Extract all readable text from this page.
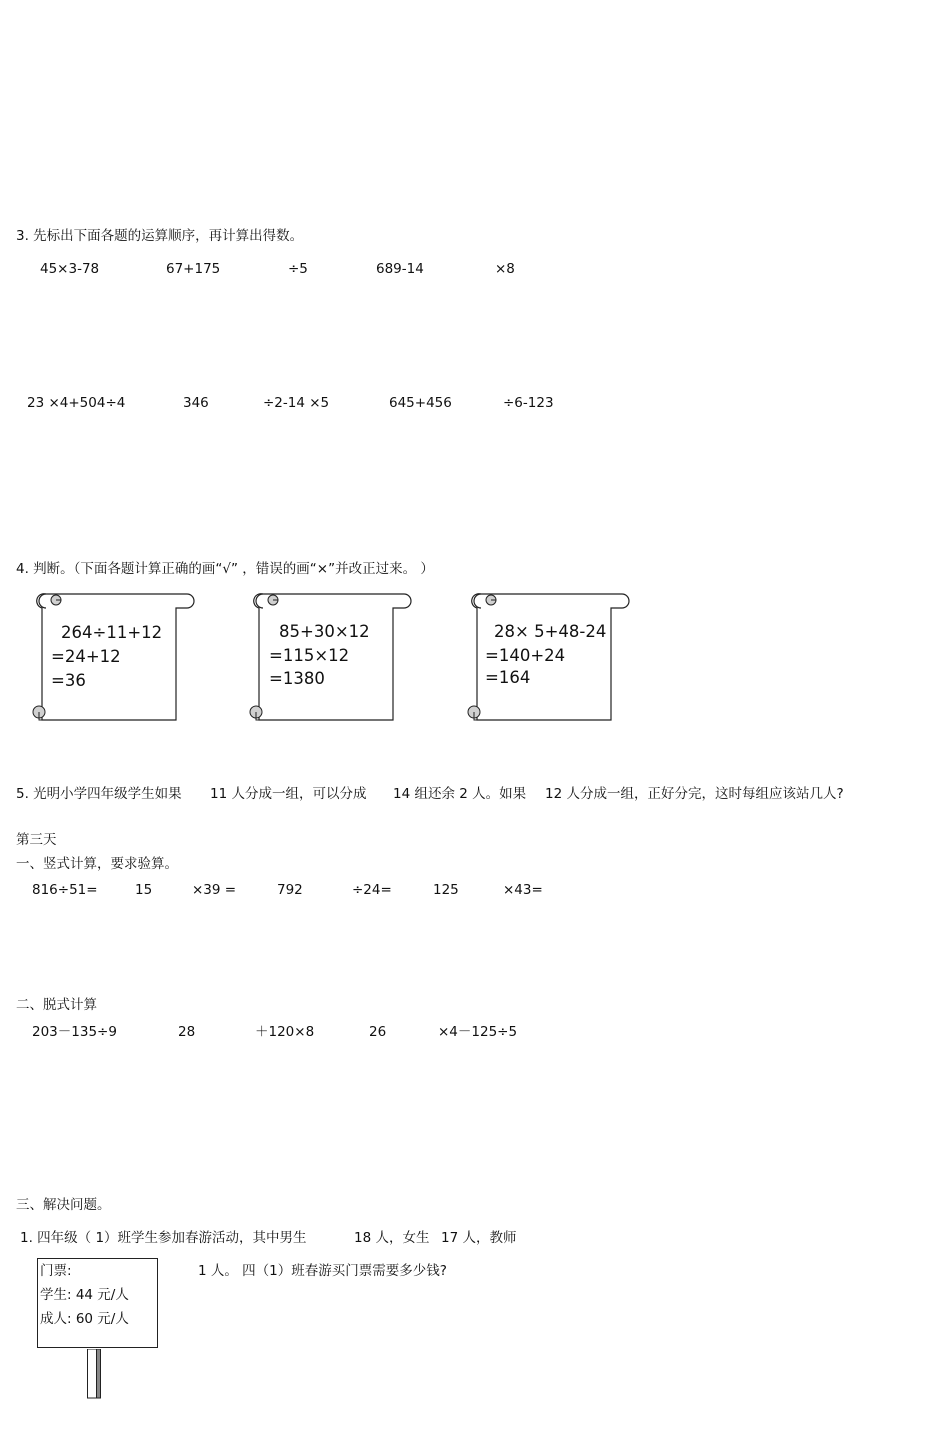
3. 先标出下面各题的运算顺序，再计算出得数。
45×3-78	67+175	÷5	689-14	×8
23 ×4+504÷4	346	÷2-14 ×5	645+456	÷6-123
4. 判断。（下面各题计算正确的画“√” ，错误的画“×”并改正过来。 ）
264÷11+12
=24+12
=36
85+30×12
=115×12
=1380
28× 5+48-24
=140+24
=164
5. 光明小学四年级学生如果 11 人分成一组，可以分成 14 组还余 2 人。如果 12 人分成一组，正好分完，这时每组应该站几人?
第三天
一、竖式计算，要求验算。
816÷51=	15	×39 =	792	÷24=	125	×43=
二、脱式计算
203－135÷9	28	＋120×8	26	×4－125÷5
三、解决问题。
1. 四年级（ 1）班学生参加春游活动，其中男生	18 人，女生 17 人，教师
1 人。 四（1）班春游买门票需要多少钱?
门票:
学生: 44 元/人
成人: 60 元/人
